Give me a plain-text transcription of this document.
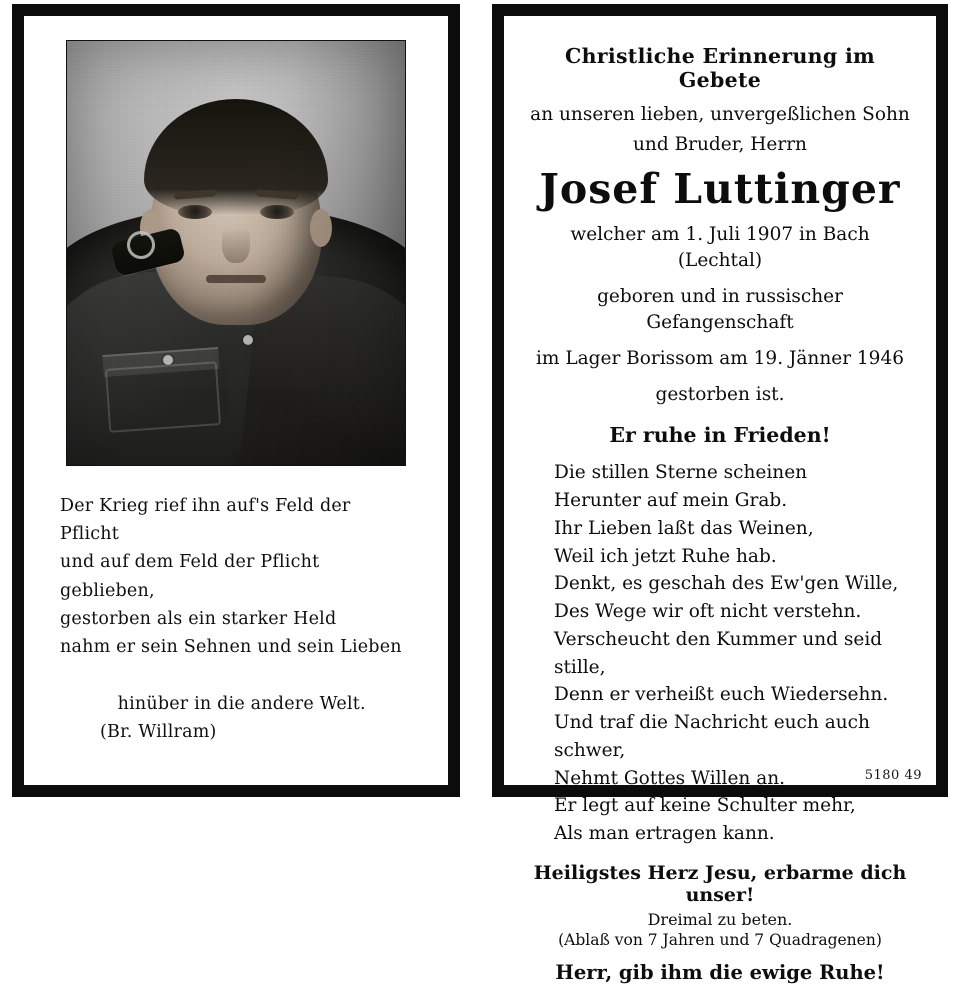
Der Krieg rief ihn auf's Feld der Pflicht
und auf dem Feld der Pflicht geblieben,
gestorben als ein starker Held
nahm er sein Sehnen und sein Lieben

hinüber in die andere Welt.(Br. Willram)

Christliche Erinnerung im Gebete
an unseren lieben, unvergeßlichen Sohn
und Bruder, Herrn
Josef Luttinger
welcher am 1. Juli 1907 in Bach (Lechtal)
geboren und in russischer Gefangenschaft
im Lager Borissom am 19. Jänner 1946
gestorben ist.
Er ruhe in Frieden!
Die stillen Sterne scheinen
Herunter auf mein Grab.
Ihr Lieben laßt das Weinen,
Weil ich jetzt Ruhe hab.
Denkt, es geschah des Ew'gen Wille,
Des Wege wir oft nicht verstehn.
Verscheucht den Kummer und seid stille,
Denn er verheißt euch Wiedersehn.
Und traf die Nachricht euch auch schwer,
Nehmt Gottes Willen an.
Er legt auf keine Schulter mehr,
Als man ertragen kann.
Heiligstes Herz Jesu, erbarme dich unser!
Dreimal zu beten.
(Ablaß von 7 Jahren und 7 Quadragenen)
Herr, gib ihm die ewige Ruhe!
5180 49
